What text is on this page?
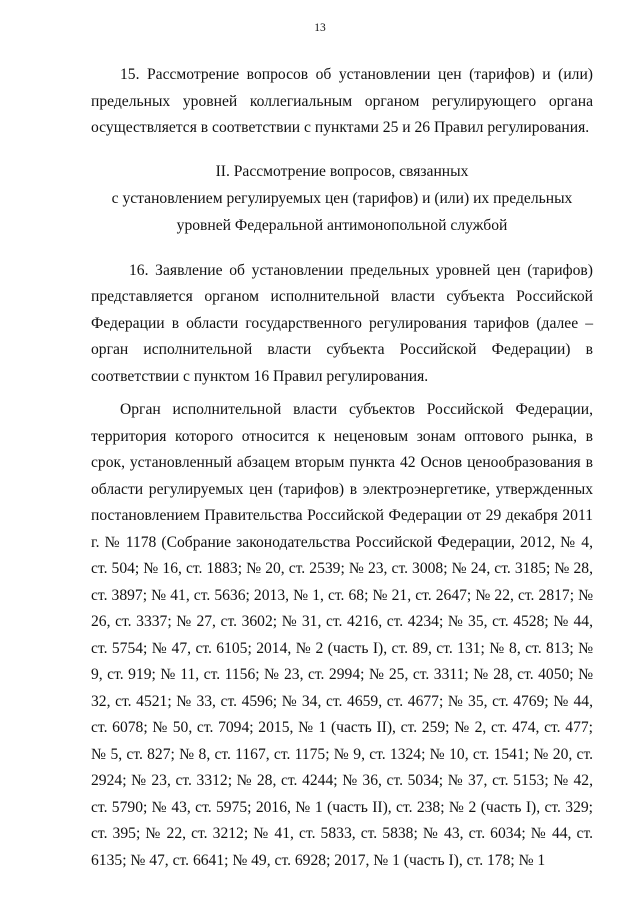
13

15. Рассмотрение вопросов об установлении цен (тарифов) и (или) предельных уровней коллегиальным органом регулирующего органа осуществляется в соответствии с пунктами 25 и 26 Правил регулирования.

II. Рассмотрение вопросов, связанных
с установлением регулируемых цен (тарифов) и (или) их предельных
уровней Федеральной антимонопольной службой

16. Заявление об установлении предельных уровней цен (тарифов) представляется органом исполнительной власти субъекта Российской Федерации в области государственного регулирования тарифов (далее – орган исполнительной власти субъекта Российской Федерации) в соответствии с пунктом 16 Правил регулирования.

Орган исполнительной власти субъектов Российской Федерации, территория которого относится к неценовым зонам оптового рынка, в срок, установленный абзацем вторым пункта 42 Основ ценообразования в области регулируемых цен (тарифов) в электроэнергетике, утвержденных постановлением Правительства Российской Федерации от 29 декабря 2011 г. № 1178 (Собрание законодательства Российской Федерации, 2012, № 4, ст. 504; № 16, ст. 1883; № 20, ст. 2539; № 23, ст. 3008; № 24, ст. 3185; № 28, ст. 3897; № 41, ст. 5636; 2013, № 1, ст. 68; № 21, ст. 2647; № 22, ст. 2817; № 26, ст. 3337; № 27, ст. 3602; № 31, ст. 4216, ст. 4234; № 35, ст. 4528; № 44, ст. 5754; № 47, ст. 6105; 2014, № 2 (часть I), ст. 89, ст. 131; № 8, ст. 813; № 9, ст. 919; № 11, ст. 1156; № 23, ст. 2994; № 25, ст. 3311; № 28, ст. 4050; № 32, ст. 4521; № 33, ст. 4596; № 34, ст. 4659, ст. 4677; № 35, ст. 4769; № 44, ст. 6078; № 50, ст. 7094; 2015, № 1 (часть II), ст. 259; № 2, ст. 474, ст. 477; № 5, ст. 827; № 8, ст. 1167, ст. 1175; № 9, ст. 1324; № 10, ст. 1541; № 20, ст. 2924; № 23, ст. 3312; № 28, ст. 4244; № 36, ст. 5034; № 37, ст. 5153; № 42, ст. 5790; № 43, ст. 5975; 2016, № 1 (часть II), ст. 238; № 2 (часть I), ст. 329; ст. 395; № 22, ст. 3212; № 41, ст. 5833, ст. 5838; № 43, ст. 6034; № 44, ст. 6135; № 47, ст. 6641; № 49, ст. 6928; 2017, № 1 (часть I), ст. 178; № 1
